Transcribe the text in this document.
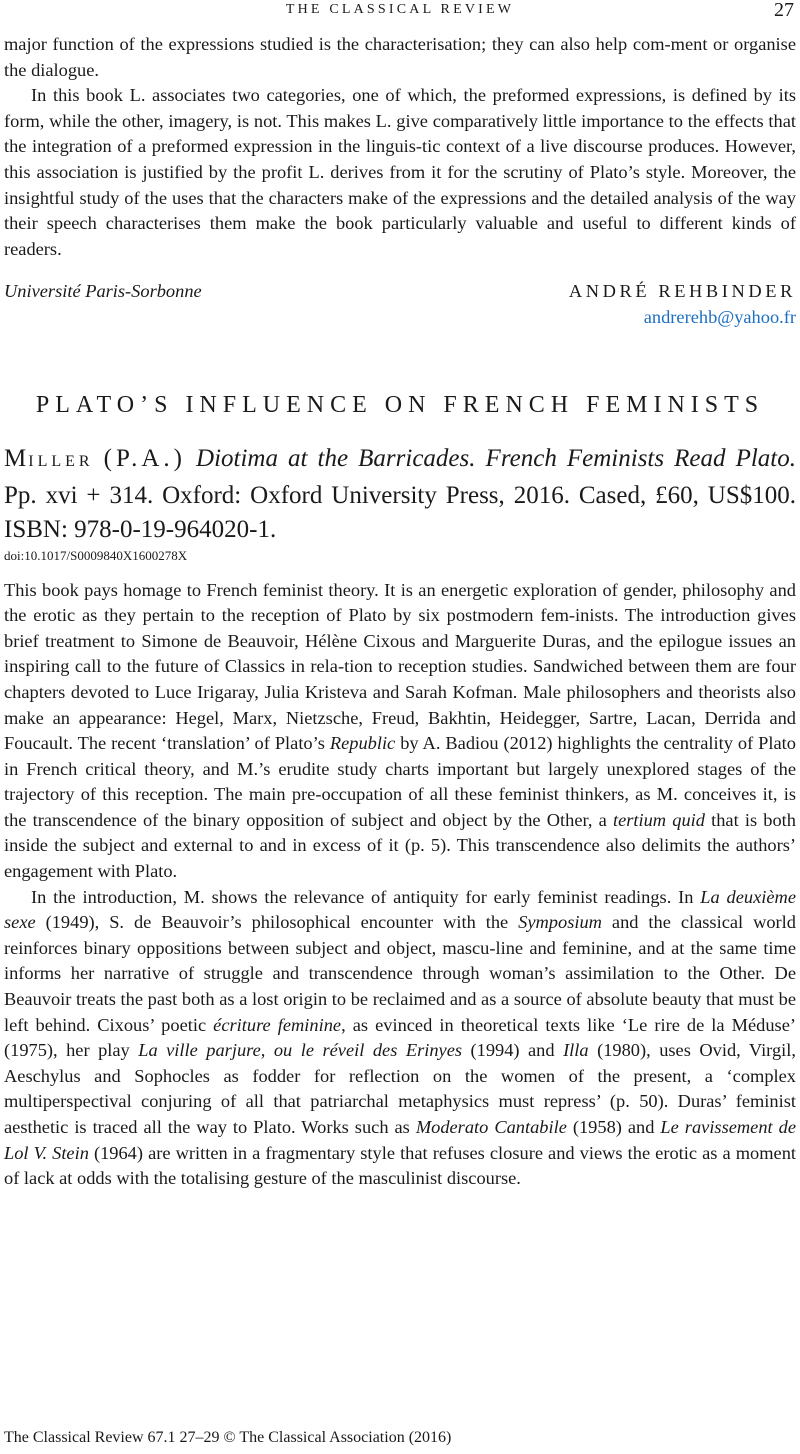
THE CLASSICAL REVIEW	27

major function of the expressions studied is the characterisation; they can also help com-ment or organise the dialogue.

In this book L. associates two categories, one of which, the preformed expressions, is defined by its form, while the other, imagery, is not. This makes L. give comparatively little importance to the effects that the integration of a preformed expression in the linguis-tic context of a live discourse produces. However, this association is justified by the profit L. derives from it for the scrutiny of Plato’s style. Moreover, the insightful study of the uses that the characters make of the expressions and the detailed analysis of the way their speech characterises them make the book particularly valuable and useful to different kinds of readers.

Université Paris-Sorbonne	ANDRÉ REHBINDER
andrerehb@yahoo.fr
PLATO’S INFLUENCE ON FRENCH FEMINISTS
MILLER (P.A.) Diotima at the Barricades. French Feminists Read Plato. Pp. xvi + 314. Oxford: Oxford University Press, 2016. Cased, £60, US$100. ISBN: 978-0-19-964020-1.
doi:10.1017/S0009840X1600278X

This book pays homage to French feminist theory. It is an energetic exploration of gender, philosophy and the erotic as they pertain to the reception of Plato by six postmodern fem-inists. The introduction gives brief treatment to Simone de Beauvoir, Hélène Cixous and Marguerite Duras, and the epilogue issues an inspiring call to the future of Classics in rela-tion to reception studies. Sandwiched between them are four chapters devoted to Luce Irigaray, Julia Kristeva and Sarah Kofman. Male philosophers and theorists also make an appearance: Hegel, Marx, Nietzsche, Freud, Bakhtin, Heidegger, Sartre, Lacan, Derrida and Foucault. The recent ‘translation’ of Plato’s Republic by A. Badiou (2012) highlights the centrality of Plato in French critical theory, and M.’s erudite study charts important but largely unexplored stages of the trajectory of this reception. The main pre-occupation of all these feminist thinkers, as M. conceives it, is the transcendence of the binary opposition of subject and object by the Other, a tertium quid that is both inside the subject and external to and in excess of it (p. 5). This transcendence also delimits the authors’ engagement with Plato.

In the introduction, M. shows the relevance of antiquity for early feminist readings. In La deuxième sexe (1949), S. de Beauvoir’s philosophical encounter with the Symposium and the classical world reinforces binary oppositions between subject and object, mascu-line and feminine, and at the same time informs her narrative of struggle and transcendence through woman’s assimilation to the Other. De Beauvoir treats the past both as a lost origin to be reclaimed and as a source of absolute beauty that must be left behind. Cixous’ poetic écriture feminine, as evinced in theoretical texts like ‘Le rire de la Méduse’ (1975), her play La ville parjure, ou le réveil des Erinyes (1994) and Illa (1980), uses Ovid, Virgil, Aeschylus and Sophocles as fodder for reflection on the women of the present, a ‘complex multiperspectival conjuring of all that patriarchal metaphysics must repress’ (p. 50). Duras’ feminist aesthetic is traced all the way to Plato. Works such as Moderato Cantabile (1958) and Le ravissement de Lol V. Stein (1964) are written in a fragmentary style that refuses closure and views the erotic as a moment of lack at odds with the totalising gesture of the masculinist discourse.

The Classical Review 67.1 27–29 © The Classical Association (2016)
